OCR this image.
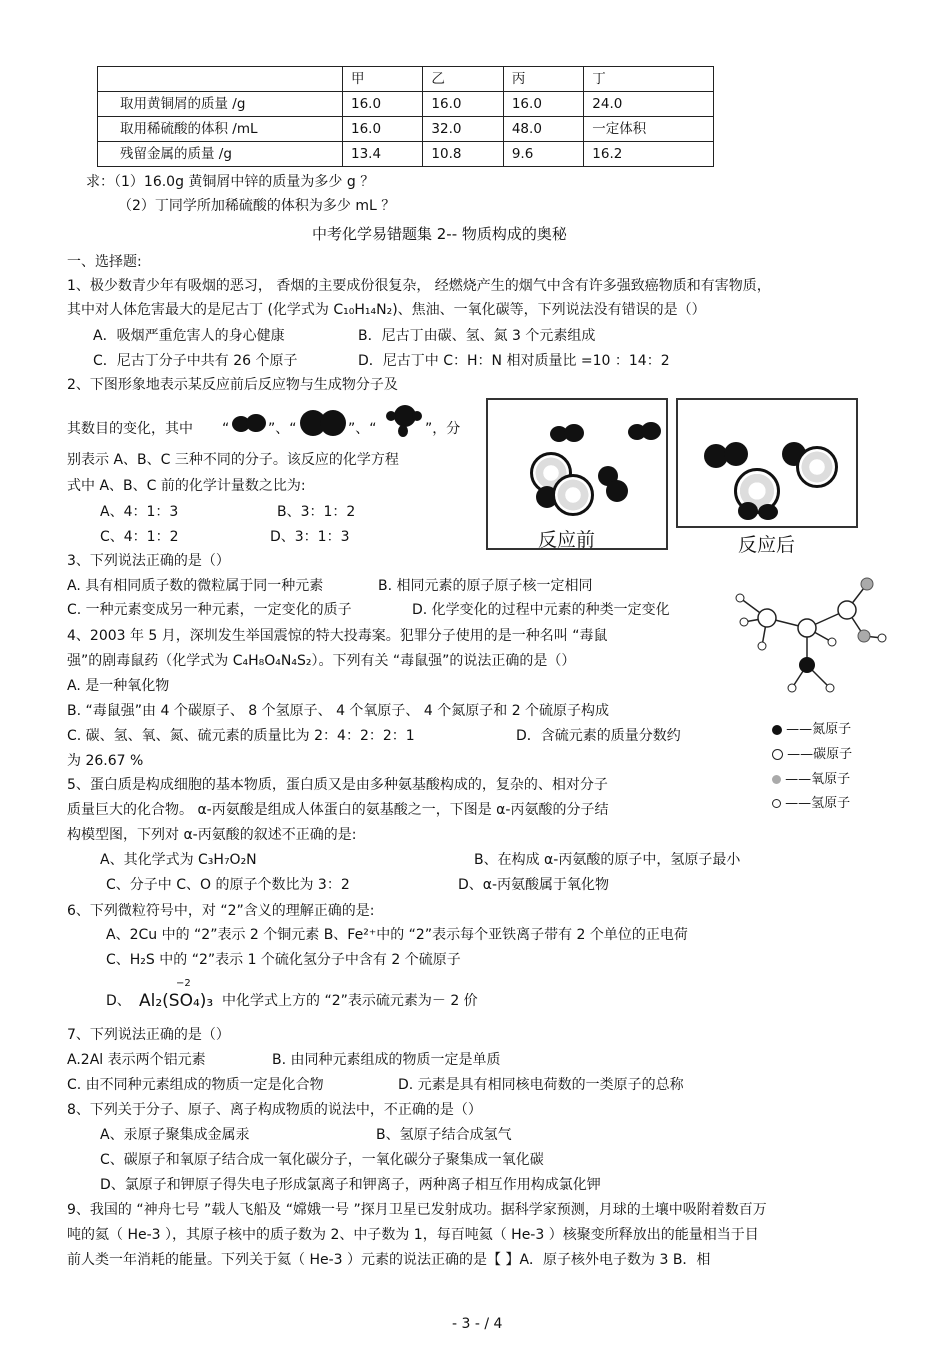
	甲	乙	丙	丁
取用黄铜屑的质量 /g	16.0	16.0	16.0	24.0
取用稀硫酸的体积 /mL	16.0	32.0	48.0	一定体积
残留金属的质量 /g	13.4	10.8	9.6	16.2
求：（1）16.0g 黄铜屑中锌的质量为多少 g ？
（2）丁同学所加稀硫酸的体积为多少 mL ？
中考化学易错题集 2-- 物质构成的奥秘
一、选择题:
1、极少数青少年有吸烟的恶习， 香烟的主要成份很复杂， 经燃烧产生的烟气中含有许多强致癌物质和有害物质，
其中对人体危害最大的是尼古丁 (化学式为 C₁₀H₁₄N₂)、焦油、一氧化碳等，下列说法没有错误的是（）
A．吸烟严重危害人的身心健康	B．尼古丁由碳、氢、氮 3 个元素组成
C．尼古丁分子中共有 26 个原子	D．尼古丁中 C：H：N 相对质量比 =10 ：14：2
2、下图形象地表示某反应前后反应物与生成物分子及
其数目的变化，其中 “	”、“	”、“	”，分
别表示 A、B、C 三种不同的分子。该反应的化学方程
式中 A、B、C 前的化学计量数之比为:
A、4：1：3	B、3：1：2
C、4：1：2	D、3：1：3	反应前	反应后
3、下列说法正确的是（）
A. 具有相同质子数的微粒属于同一种元素	B. 相同元素的原子原子核一定相同
C. 一种元素变成另一种元素，一定变化的质子	D. 化学变化的过程中元素的种类一定变化
4、2003 年 5 月，深圳发生举国震惊的特大投毒案。犯罪分子使用的是一种名叫 “毒鼠
强”的剧毒鼠药（化学式为 C₄H₈O₄N₄S₂）。下列有关 “毒鼠强”的说法正确的是（）
A. 是一种氧化物
B. “毒鼠强”由 4 个碳原子、 8 个氢原子、 4 个氧原子、 4 个氮原子和 2 个硫原子构成
C. 碳、氢、氧、氮、硫元素的质量比为 2：4：2：2：1	D．含硫元素的质量分数约
为 26.67 %
——氮原子
——碳原子
——氧原子
——氢原子
5、蛋白质是构成细胞的基本物质，蛋白质又是由多种氨基酸构成的，复杂的、相对分子
质量巨大的化合物。 α-丙氨酸是组成人体蛋白的氨基酸之一，下图是 α-丙氨酸的分子结
构模型图，下列对 α-丙氨酸的叙述不正确的是:
A、其化学式为 C₃H₇O₂N	B、在构成 α-丙氨酸的原子中，氢原子最小
C、分子中 C、O 的原子个数比为 3：2	D、α-丙氨酸属于氧化物
6、下列微粒符号中，对 “2”含义的理解正确的是:
A、2Cu 中的 “2”表示 2 个铜元素 B、Fe²⁺中的 “2”表示每个亚铁离子带有 2 个单位的正电荷
C、H₂S 中的 “2”表示 1 个硫化氢分子中含有 2 个硫原子
D、
−2
Al₂(SO₄)₃ 中化学式上方的 “2”表示硫元素为－ 2 价
7、下列说法正确的是（）
A.2Al 表示两个铝元素	B. 由同种元素组成的物质一定是单质
C. 由不同种元素组成的物质一定是化合物	D. 元素是具有相同核电荷数的一类原子的总称
8、下列关于分子、原子、离子构成物质的说法中，不正确的是（）
A、汞原子聚集成金属汞	B、氢原子结合成氢气
C、碳原子和氧原子结合成一氧化碳分子，一氧化碳分子聚集成一氧化碳
D、氯原子和钾原子得失电子形成氯离子和钾离子，两种离子相互作用构成氯化钾
9、我国的 “神舟七号 ”载人飞船及 “嫦娥一号 ”探月卫星已发射成功。据科学家预测，月球的土壤中吸附着数百万
吨的氦（ He-3 ），其原子核中的质子数为 2、中子数为 1，每百吨氦（ He-3 ）核聚变所释放出的能量相当于目
前人类一年消耗的能量。下列关于氦（ He-3 ）元素的说法正确的是【 】A．原子核外电子数为 3 B．相
- 3 - / 4
